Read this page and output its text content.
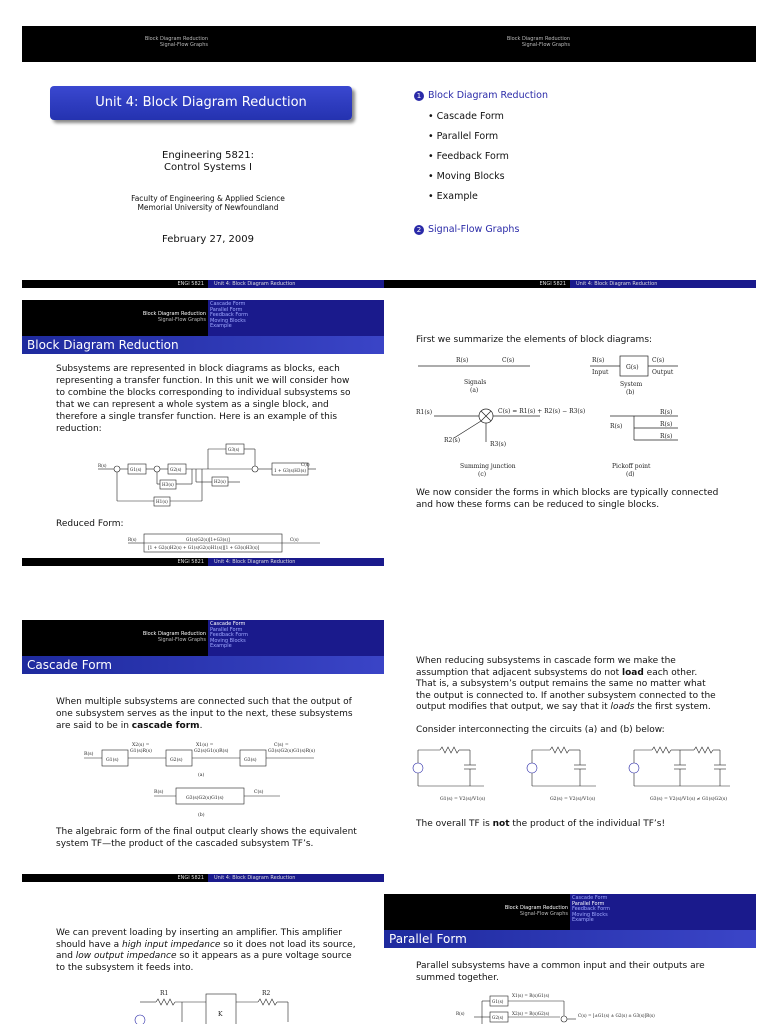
Block Diagram Reduction
Signal-Flow Graphs
Unit 4: Block Diagram Reduction
Engineering 5821:
Control Systems I
Faculty of Engineering & Applied Science
Memorial University of Newfoundland
February 27, 2009
ENGI 5821	Unit 4: Block Diagram Reduction
Block Diagram Reduction
Signal-Flow Graphs
1 Block Diagram Reduction
• Cascade Form
• Parallel Form
• Feedback Form
• Moving Blocks
• Example
2 Signal-Flow Graphs
ENGI 5821	Unit 4: Block Diagram Reduction
Block Diagram Reduction
Signal-Flow Graphs
Cascade Form
Parallel Form
Feedback Form
Moving Blocks
Example
Block Diagram Reduction
Subsystems are represented in block diagrams as blocks, each
representing a transfer function. In this unit we will consider how
to combine the blocks corresponding to individual subsystems so
that we can represent a whole system as a single block, and
therefore a single transfer function. Here is an example of this
reduction:
R(s)
G1(s)	G2(s)
G3(s)
H2(s)
H3(s)
H1(s)
1 + G3(s)H3(s)
C(s)
Reduced Form:
R(s)	G1(s)G2(s)[1+G3(s)]
[1 + G2(s)H2(s) + G1(s)G2(s)H1(s)][1 + G3(s)H3(s)]
C(s)
ENGI 5821	Unit 4: Block Diagram Reduction
First we summarize the elements of block diagrams:
R(s)	C(s)
Signals
(a)
R(s)	C(s)
G(s)
Input	Output
System
(b)
R1(s)
R2(s)
R3(s)
C(s) = R1(s) + R2(s) − R3(s)
Summing junction
(c)
R(s)
R(s)
R(s)
R(s)
Pickoff point
(d)
We now consider the forms in which blocks are typically connected
and how these forms can be reduced to single blocks.
Block Diagram Reduction
Signal-Flow Graphs
Cascade Form
Parallel Form
Feedback Form
Moving Blocks
Example
Cascade Form
When multiple subsystems are connected such that the output of
one subsystem serves as the input to the next, these subsystems
are said to be in cascade form.
R(s)
G1(s)	G2(s)	G3(s)
X2(s) =
G1(s)R(s)
X1(s) =
G2(s)G1(s)R(s)
C(s) =
G3(s)G2(s)G1(s)R(s)
(a)
R(s)
G3(s)G2(s)G1(s)
C(s)
(b)
The algebraic form of the final output clearly shows the equivalent
system TF—the product of the cascaded subsystem TF’s.
ENGI 5821	Unit 4: Block Diagram Reduction
When reducing subsystems in cascade form we make the
assumption that adjacent subsystems do not load each other.
That is, a subsystem’s output remains the same no matter what
the output is connected to. If another subsystem connected to the
output modifies that output, we say that it loads the first system.
Consider interconnecting the circuits (a) and (b) below:
G1(s) = V2(s)/V1(s)	G2(s) = V2(s)/V1(s)	G3(s) = V2(s)/V1(s) ≠ G1(s)G2(s)
The overall TF is not the product of the individual TF’s!
We can prevent loading by inserting an amplifier. This amplifier
should have a high input impedance so it does not load its source,
and low output impedance so it appears as a pure voltage source
to the subsystem it feeds into.
R1	R2
K
Block Diagram Reduction
Signal-Flow Graphs
Cascade Form
Parallel Form
Feedback Form
Moving Blocks
Example
Parallel Form
Parallel subsystems have a common input and their outputs are
summed together.
G1(s)
G2(s)
X1(s) = R(s)G1(s)
X2(s) = R(s)G2(s)
R(s)	C(s) = [±G1(s) ± G2(s) ± G3(s)]R(s)
